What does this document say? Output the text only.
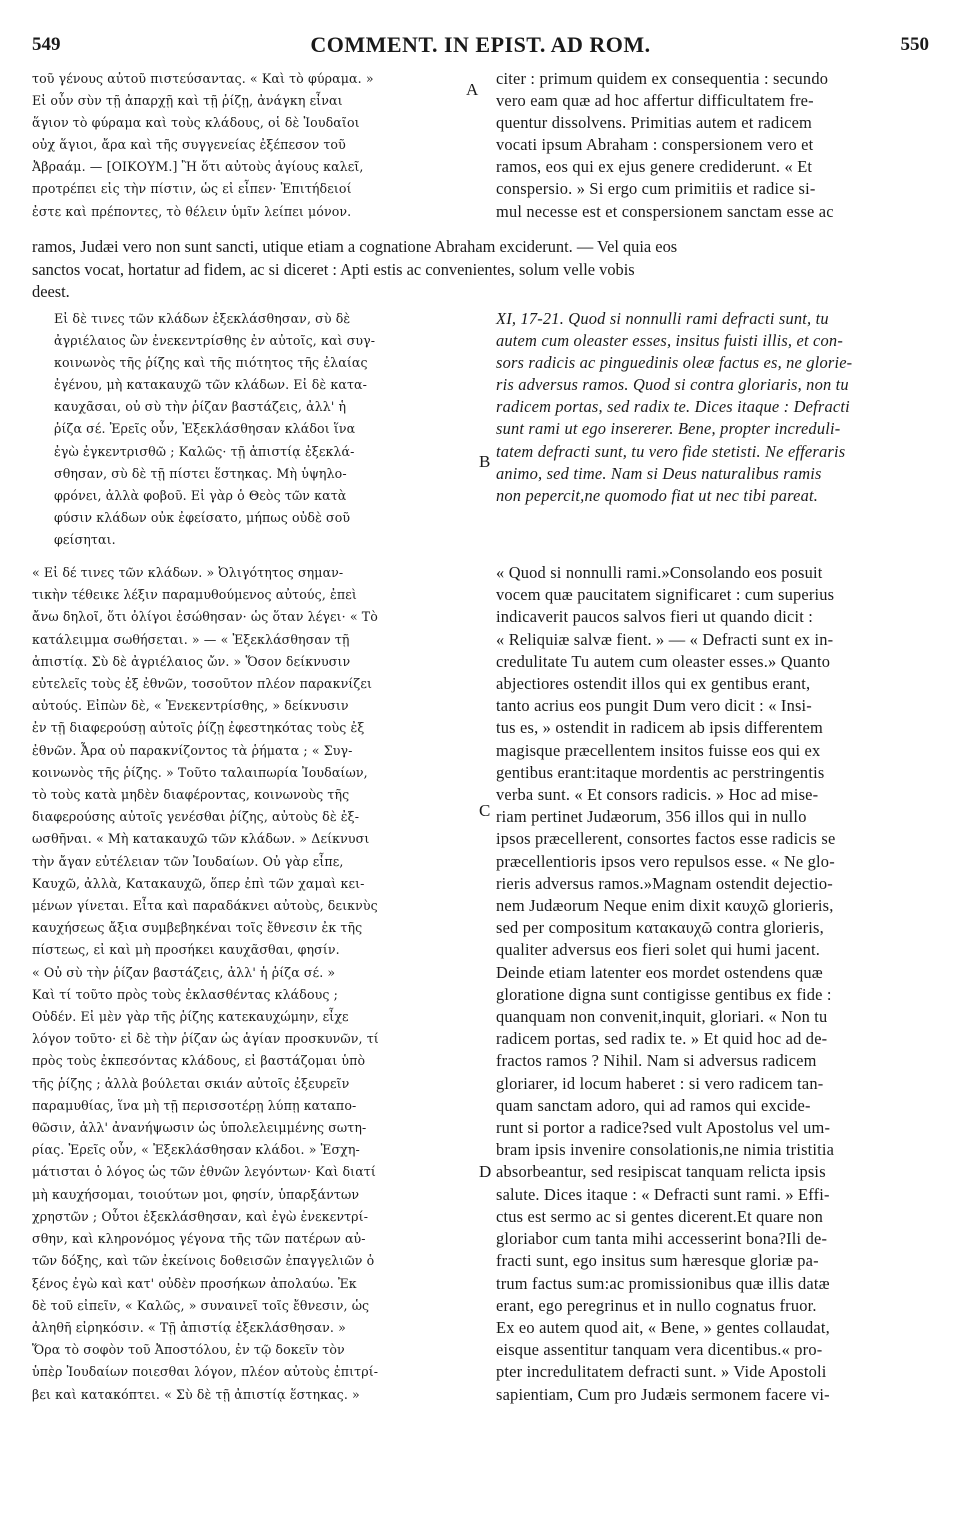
549	COMMENT. IN EPIST. AD ROM.	550
A
B
C
D

τοῦ γένους αὐτοῦ πιστεύσαντας. « Καὶ τὸ φύραμα. »

Εἰ οὖν σὺν τῇ ἀπαρχῇ καὶ τῇ ῥίζῃ, ἀνάγκη εἶναι

ἅγιον τὸ φύραμα καὶ τοὺς κλάδους, οἱ δὲ Ἰουδαῖοι

οὐχ ἅγιοι, ἄρα καὶ τῆς συγγενείας ἐξέπεσον τοῦ

Ἀβραάμ. — [ΟΙΚΟΥΜ.] Ἢ ὅτι αὐτοὺς ἁγίους καλεῖ,

προτρέπει εἰς τὴν πίστιν, ὡς εἰ εἶπεν· Ἐπιτήδειοί

ἐστε καὶ πρέποντες, τὸ θέλειν ὑμῖν λείπει μόνον.

citer : primum quidem ex consequentia : secundo

vero eam quæ ad hoc affertur difficultatem fre-

quentur dissolvens. Primitias autem et radicem

vocati ipsum Abraham : conspersionem vero et

ramos, eos qui ex ejus genere crediderunt. « Et

conspersio. » Si ergo cum primitiis et radice si-

mul necesse est et conspersionem sanctam esse ac

ramos, Judæi vero non sunt sancti, utique etiam a cognatione Abraham exciderunt. — Vel quia eos

sanctos vocat, hortatur ad fidem, ac si diceret : Apti estis ac convenientes, solum velle vobis

deest.

Εἰ δὲ τινες τῶν κλάδων ἐξεκλάσθησαν, σὺ δὲ

ἀγριέλαιος ὢν ἐνεκεντρίσθης ἐν αὐτοῖς, καὶ συγ-

κοινωνὸς τῆς ῥίζης καὶ τῆς πιότητος τῆς ἐλαίας

ἐγένου, μὴ κατακαυχῶ τῶν κλάδων. Εἰ δὲ κατα-

καυχᾶσαι, οὐ σὺ τὴν ῥίζαν βαστάζεις, ἀλλ' ἡ

ῥίζα σέ. Ἐρεῖς οὖν, Ἐξεκλάσθησαν κλάδοι ἵνα

ἐγὼ ἐγκεντρισθῶ ; Καλῶς· τῇ ἀπιστίᾳ ἐξεκλά-

σθησαν, σὺ δὲ τῇ πίστει ἕστηκας. Μὴ ὑψηλο-

φρόνει, ἀλλὰ φοβοῦ. Εἰ γὰρ ὁ Θεὸς τῶν κατὰ

φύσιν κλάδων οὐκ ἐφείσατο, μήπως οὐδὲ σοῦ

φείσηται.

XI, 17-21. Quod si nonnulli rami defracti sunt, tu

autem cum oleaster esses, insitus fuisti illis, et con-

sors radicis ac pinguedinis oleæ factus es, ne glorie-

ris adversus ramos. Quod si contra gloriaris, non tu

radicem portas, sed radix te. Dices itaque : Defracti

sunt rami ut ego insererer. Bene, propter increduli-

tatem defracti sunt, tu vero fide stetisti. Ne efferaris

animo, sed time. Nam si Deus naturalibus ramis

non pepercit,ne quomodo fiat ut nec tibi pareat.

« Εἰ δέ τινες τῶν κλάδων. » Ὀλιγότητος σημαν-

τικὴν τέθεικε λέξιν παραμυθούμενος αὐτούς, ἐπεὶ

ἄνω δηλοῖ, ὅτι ὀλίγοι ἐσώθησαν· ὡς ὅταν λέγει· « Τὸ

κατάλειμμα σωθήσεται. » — « Ἐξεκλάσθησαν τῇ

ἀπιστίᾳ. Σὺ δὲ ἀγριέλαιος ὤν. » Ὅσον δείκνυσιν

εὐτελεῖς τοὺς ἐξ ἐθνῶν, τοσοῦτον πλέον παρακνίζει

αὐτούς. Εἰπὼν δὲ, « Ἐνεκεντρίσθης, » δείκνυσιν

ἐν τῇ διαφερούσῃ αὐτοῖς ῥίζῃ ἐφεστηκότας τοὺς ἐξ

ἐθνῶν. Ἆρα οὐ παρακνίζοντος τὰ ῥήματα ; « Συγ-

κοινωνὸς τῆς ῥίζης. » Τοῦτο ταλαιπωρία Ἰουδαίων,

τὸ τοὺς κατὰ μηδὲν διαφέροντας, κοινωνοὺς τῆς

διαφερούσης αὐτοῖς γενέσθαι ῥίζης, αὐτοὺς δὲ ἐξ-

ωσθῆναι. « Μὴ κατακαυχῶ τῶν κλάδων. » Δείκνυσι

τὴν ἄγαν εὐτέλειαν τῶν Ἰουδαίων. Οὐ γὰρ εἶπε,

Καυχῶ, ἀλλὰ, Κατακαυχῶ, ὅπερ ἐπὶ τῶν χαμαὶ κει-

μένων γίνεται. Εἶτα καὶ παραδάκνει αὐτοὺς, δεικνὺς

καυχήσεως ἄξια συμβεβηκέναι τοῖς ἔθνεσιν ἐκ τῆς

πίστεως, εἰ καὶ μὴ προσήκει καυχᾶσθαι, φησίν.

« Οὐ σὺ τὴν ῥίζαν βαστάζεις, ἀλλ' ἡ ῥίζα σέ. »

Καὶ τί τοῦτο πρὸς τοὺς ἐκλασθέντας κλάδους ;

Οὐδέν. Εἰ μὲν γὰρ τῆς ῥίζης κατεκαυχώμην, εἶχε

λόγον τοῦτο· εἰ δὲ τὴν ῥίζαν ὡς ἁγίαν προσκυνῶν, τί

πρὸς τοὺς ἐκπεσόντας κλάδους, εἰ βαστάζομαι ὑπὸ

τῆς ῥίζης ; ἀλλὰ βούλεται σκιάν αὐτοῖς ἐξευρεῖν

παραμυθίας, ἵνα μὴ τῇ περισσοτέρῃ λύπῃ καταπο-

θῶσιν, ἀλλ' ἀνανήψωσιν ὡς ὑπολελειμμένης σωτη-

ρίας. Ἐρεῖς οὖν, « Ἐξεκλάσθησαν κλάδοι. » Ἐσχη-

μάτισται ὁ λόγος ὡς τῶν ἐθνῶν λεγόντων· Καὶ διατί

μὴ καυχήσομαι, τοιούτων μοι, φησίν, ὑπαρξάντων

χρηστῶν ; Οὗτοι ἐξεκλάσθησαν, καὶ ἐγὼ ἐνεκεντρί-

σθην, καὶ κληρονόμος γέγονα τῆς τῶν πατέρων αὐ-

τῶν δόξης, καὶ τῶν ἐκείνοις δοθεισῶν ἐπαγγελιῶν ὁ

ξένος ἐγὼ καὶ κατ' οὐδὲν προσήκων ἀπολαύω. Ἐκ

δὲ τοῦ εἰπεῖν, « Καλῶς, » συναινεῖ τοῖς ἔθνεσιν, ὡς

ἀληθῆ εἰρηκόσιν. « Τῇ ἀπιστίᾳ ἐξεκλάσθησαν. »

Ὅρα τὸ σοφὸν τοῦ Ἀποστόλου, ἐν τῷ δοκεῖν τὸν

ὑπὲρ Ἰουδαίων ποιεσθαι λόγον, πλέον αὐτοὺς ἐπιτρί-

βει καὶ κατακόπτει. « Σὺ δὲ τῇ ἀπιστίᾳ ἕστηκας. »

« Quod si nonnulli rami.»Consolando eos posuit

vocem quæ paucitatem significaret : cum superius

indicaverit paucos salvos fieri ut quando dicit :

« Reliquiæ salvæ fient. » — « Defracti sunt ex in-

credulitate Tu autem cum oleaster esses.» Quanto

abjectiores ostendit illos qui ex gentibus erant,

tanto acrius eos pungit Dum vero dicit : « Insi-

tus es, » ostendit in radicem ab ipsis differentem

magisque præcellentem insitos fuisse eos qui ex

gentibus erant:itaque mordentis ac perstringentis

verba sunt. « Et consors radicis. » Hoc ad mise-

riam pertinet Judæorum, 356 illos qui in nullo

ipsos præcellerent, consortes factos esse radicis se

præcellentioris ipsos vero repulsos esse. « Ne glo-

rieris adversus ramos.»Magnam ostendit dejectio-

nem Judæorum Neque enim dixit καυχῶ glorieris,

sed per compositum κατακαυχῶ contra glorieris,

qualiter adversus eos fieri solet qui humi jacent.

Deinde etiam latenter eos mordet ostendens quæ

gloratione digna sunt contigisse gentibus ex fide :

quanquam non convenit,inquit, gloriari. « Non tu

radicem portas, sed radix te. » Et quid hoc ad de-

fractos ramos ? Nihil. Nam si adversus radicem

gloriarer, id locum haberet : si vero radicem tan-

quam sanctam adoro, qui ad ramos qui excide-

runt si portor a radice?sed vult Apostolus vel um-

bram ipsis invenire consolationis,ne nimia tristitia

absorbeantur, sed resipiscat tanquam relicta ipsis

salute. Dices itaque : « Defracti sunt rami. » Effi-

ctus est sermo ac si gentes dicerent.Et quare non

gloriabor cum tanta mihi accesserint bona?Ili de-

fracti sunt, ego insitus sum hæresque gloriæ pa-

trum factus sum:ac promissionibus quæ illis datæ

erant, ego peregrinus et in nullo cognatus fruor.

Ex eo autem quod ait, « Bene, » gentes collaudat,

eisque assentitur tanquam vera dicentibus.« pro-

pter incredulitatem defracti sunt. » Vide Apostoli

sapientiam, Cum pro Judæis sermonem facere vi-
